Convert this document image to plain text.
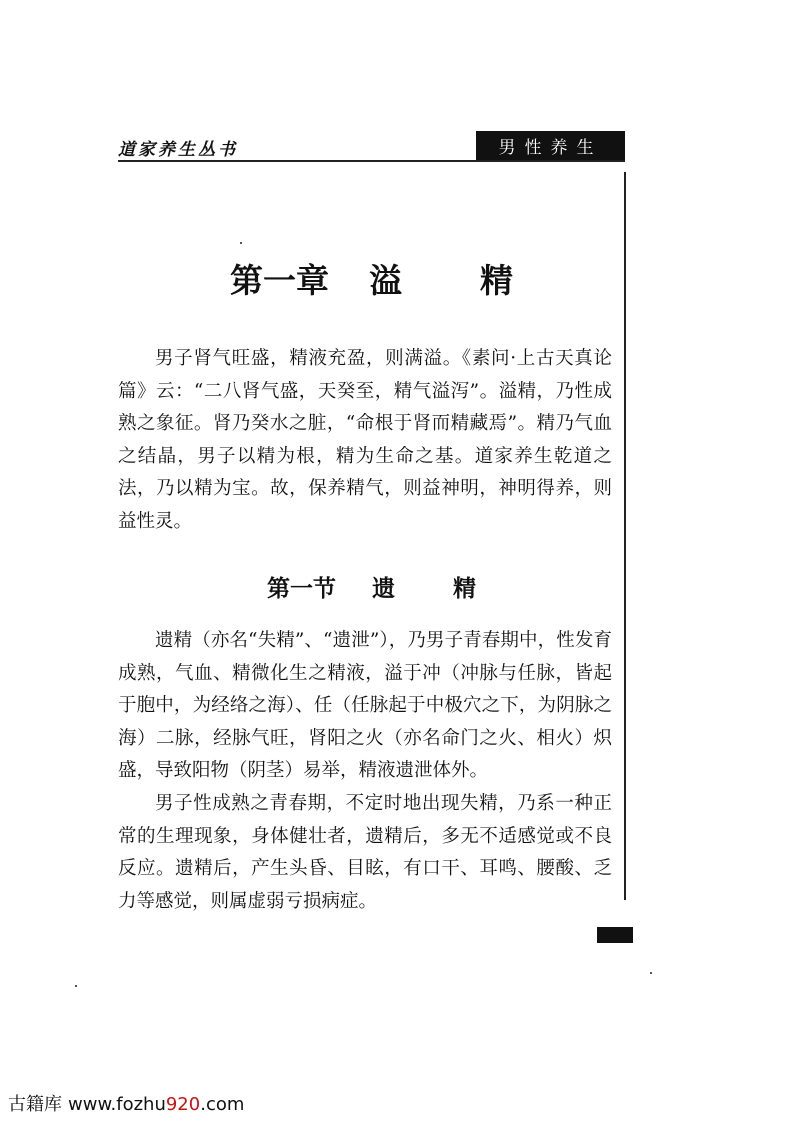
道家养生丛书	男性养生
第一章 溢 精

男子肾气旺盛，精液充盈，则满溢。《素问·上古天真论篇》云：“二八肾气盛，天癸至，精气溢泻”。溢精，乃性成熟之象征。肾乃癸水之脏，“命根于肾而精藏焉”。精乃气血之结晶，男子以精为根，精为生命之基。道家养生乾道之法，乃以精为宝。故，保养精气，则益神明，神明得养，则益性灵。

第一节 遗	精

遗精（亦名“失精”、“遗泄”），乃男子青春期中，性发育成熟，气血、精微化生之精液，溢于冲（冲脉与任脉，皆起于胞中，为经络之海）、任（任脉起于中极穴之下，为阴脉之海）二脉，经脉气旺，肾阳之火（亦名命门之火、相火）炽盛，导致阳物（阴茎）易举，精液遗泄体外。

男子性成熟之青春期，不定时地出现失精，乃系一种正常的生理现象，身体健壮者，遗精后，多无不适感觉或不良反应。遗精后，产生头昏、目眩，有口干、耳鸣、腰酸、乏力等感觉，则属虚弱亏损病症。

古籍库 www.fozhu920.com
